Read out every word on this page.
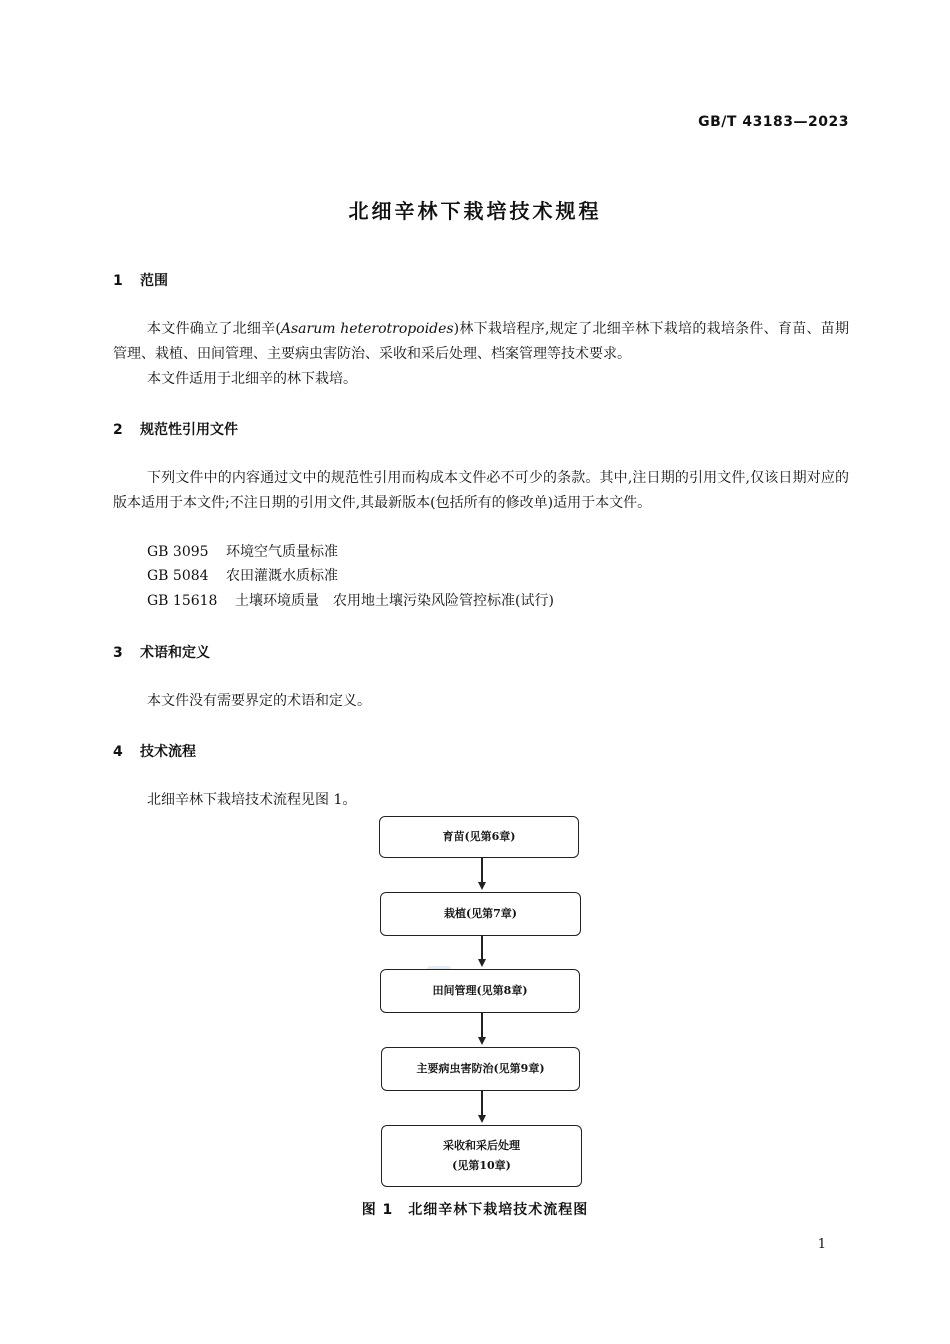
GB/T 43183—2023
北细辛林下栽培技术规程
1 范围
本文件确立了北细辛(Asarum heterotropoides)林下栽培程序,规定了北细辛林下栽培的栽培条件、育苗、苗期管理、栽植、田间管理、主要病虫害防治、采收和采后处理、档案管理等技术要求。
本文件适用于北细辛的林下栽培。
2 规范性引用文件
下列文件中的内容通过文中的规范性引用而构成本文件必不可少的条款。其中,注日期的引用文件,仅该日期对应的版本适用于本文件;不注日期的引用文件,其最新版本(包括所有的修改单)适用于本文件。
GB 3095 环境空气质量标准
GB 5084 农田灌溉水质标准
GB 15618 土壤环境质量　农用地土壤污染风险管控标准(试行)
3 术语和定义
本文件没有需要界定的术语和定义。
4 技术流程
北细辛林下栽培技术流程见图 1。
育苗(见第6章)
栽植(见第7章)
田间管理(见第8章)
主要病虫害防治(见第9章)
采收和采后处理
(见第10章)
图 1　北细辛林下栽培技术流程图
1
